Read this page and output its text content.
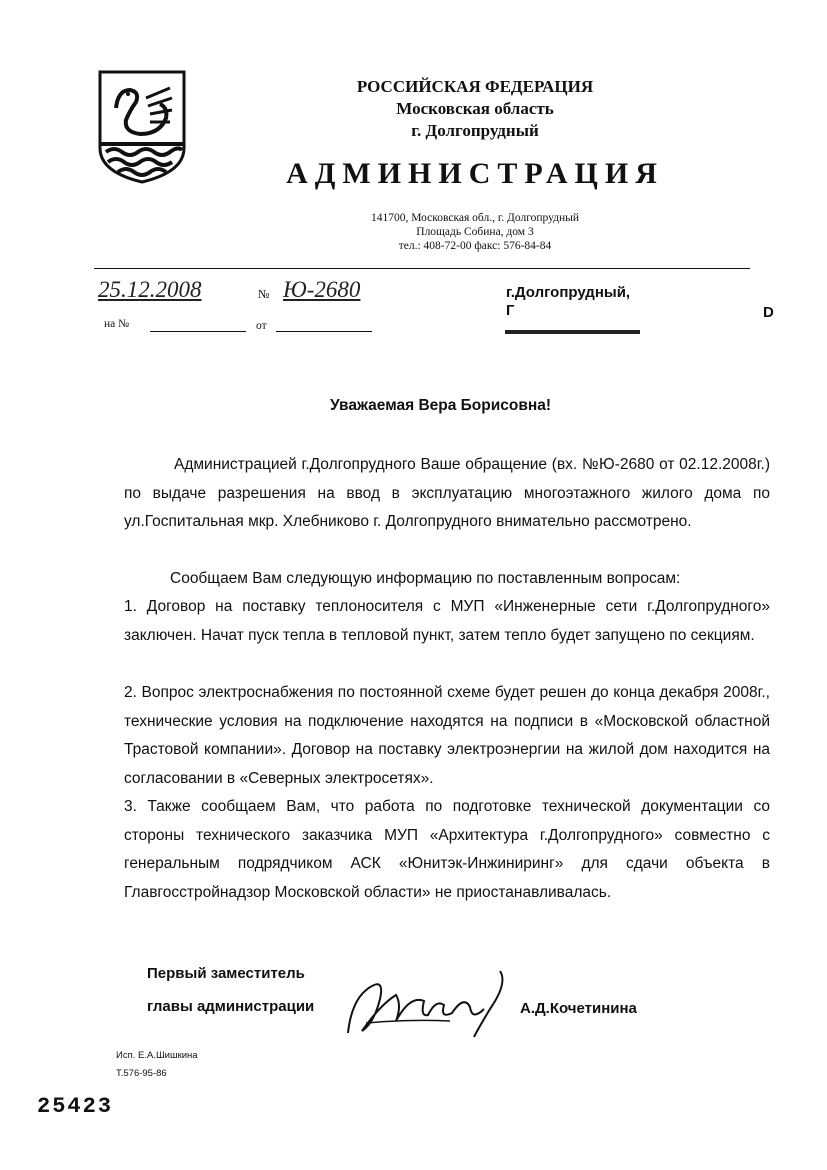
РОССИЙСКАЯ ФЕДЕРАЦИЯ
Московская область
г. Долгопрудный
АДМИНИСТРАЦИЯ
141700, Московская обл., г. Долгопрудный
Площадь Собина, дом 3
тел.: 408-72-00 факс: 576-84-84
25.12.2008	№ Ю-2680
на №	от
г.Долгопрудный,
Г	D
Уважаемая Вера Борисовна!
Администрацией г.Долгопрудного Ваше обращение (вх. №Ю-2680 от 02.12.2008г.) по выдаче разрешения на ввод в эксплуатацию многоэтажного жилого дома по ул.Госпитальная мкр. Хлебниково г. Долгопрудного внимательно рассмотрено.
Сообщаем Вам следующую информацию по поставленным вопросам:
1. Договор на поставку теплоносителя с МУП «Инженерные сети г.Долгопрудного» заключен. Начат пуск тепла в тепловой пункт, затем тепло будет запущено по секциям.
2. Вопрос электроснабжения по постоянной схеме будет решен до конца декабря 2008г., технические условия на подключение находятся на подписи в «Московской областной Трастовой компании». Договор на поставку электроэнергии на жилой дом находится на согласовании в «Северных электросетях».
3. Также сообщаем Вам, что работа по подготовке технической документации со стороны технического заказчика МУП «Архитектура г.Долгопрудного» совместно с генеральным подрядчиком АСК «Юнитэк-Инжиниринг» для сдачи объекта в Главгосстройнадзор Московской области» не приостанавливалась.
Первый заместитель
главы администрации	А.Д.Кочетинина
Исп. Е.А.Шишкина
Т.576-95-86
25423
